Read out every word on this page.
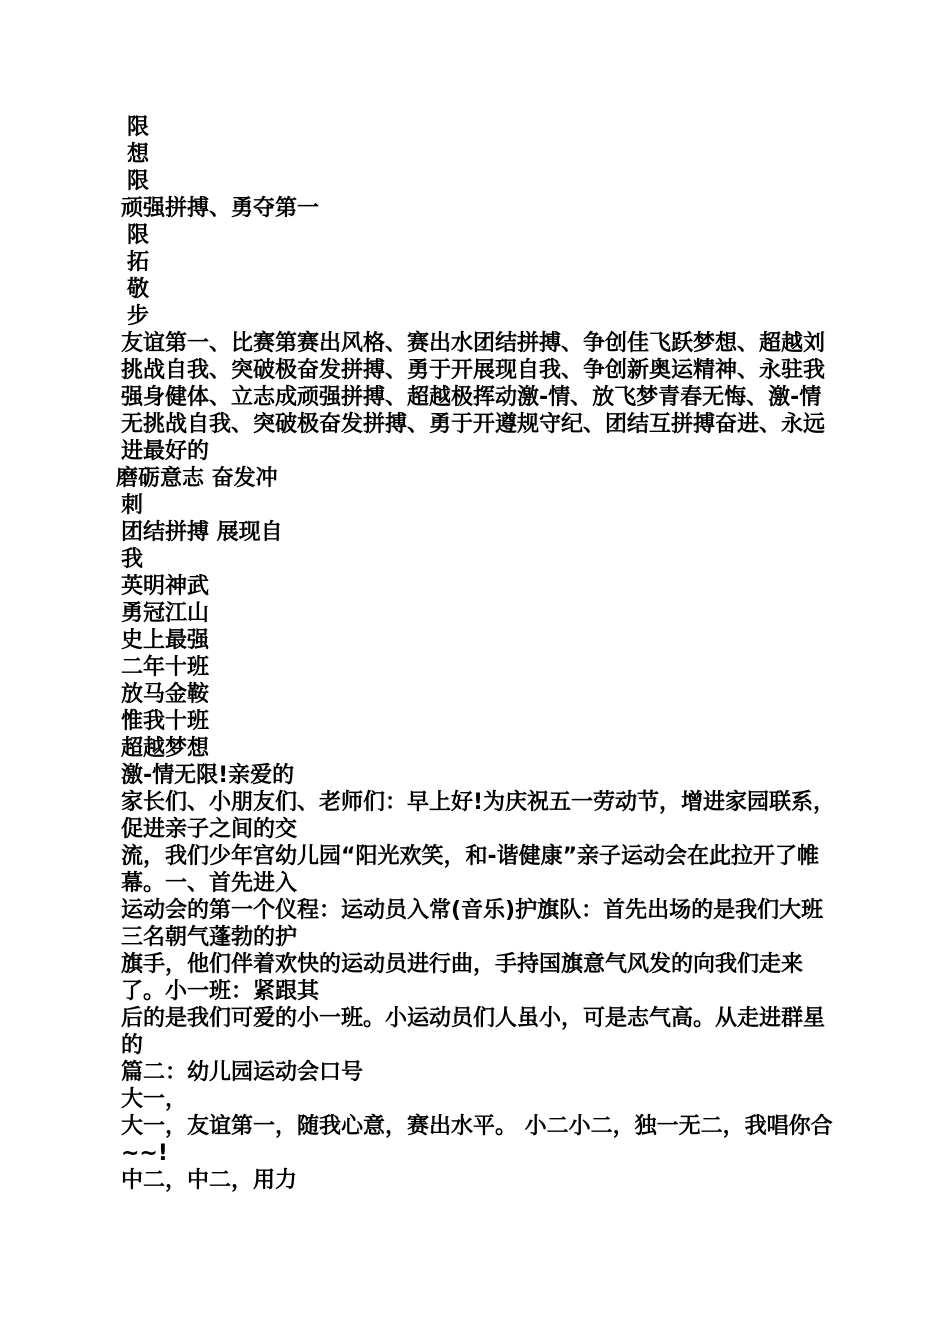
限
想
限
顽强拼搏、勇夺第一
限
拓
敬
步
友谊第一、比赛第赛出风格、赛出水团结拼搏、争创佳飞跃梦想、超越刘挑战自我、突破极奋发拼搏、勇于开展现自我、争创新奥运精神、永驻我强身健体、立志成顽强拼搏、超越极挥动激-情、放飞梦青春无悔、激-情无挑战自我、突破极奋发拼搏、勇于开遵规守纪、团结互拼搏奋进、永远进最好的
磨砺意志 奋发冲
刺
团结拼搏 展现自
我
英明神武
勇冠江山
史上最强
二年十班
放马金鞍
惟我十班
超越梦想
激-情无限!亲爱的
家长们、小朋友们、老师们：早上好!为庆祝五一劳动节，增进家园联系，促进亲子之间的交
流，我们少年宫幼儿园“阳光欢笑，和-谐健康”亲子运动会在此拉开了帷幕。一、首先进入
运动会的第一个仪程：运动员入常(音乐)护旗队：首先出场的是我们大班三名朝气蓬勃的护
旗手，他们伴着欢快的运动员进行曲，手持国旗意气风发的向我们走来了。小一班：紧跟其
后的是我们可爱的小一班。小运动员们人虽小，可是志气高。从走进群星的
篇二：幼儿园运动会口号
大一，
大一，友谊第一，随我心意，赛出水平。 小二小二，独一无二，我唱你合~~!
中二，中二，用力
